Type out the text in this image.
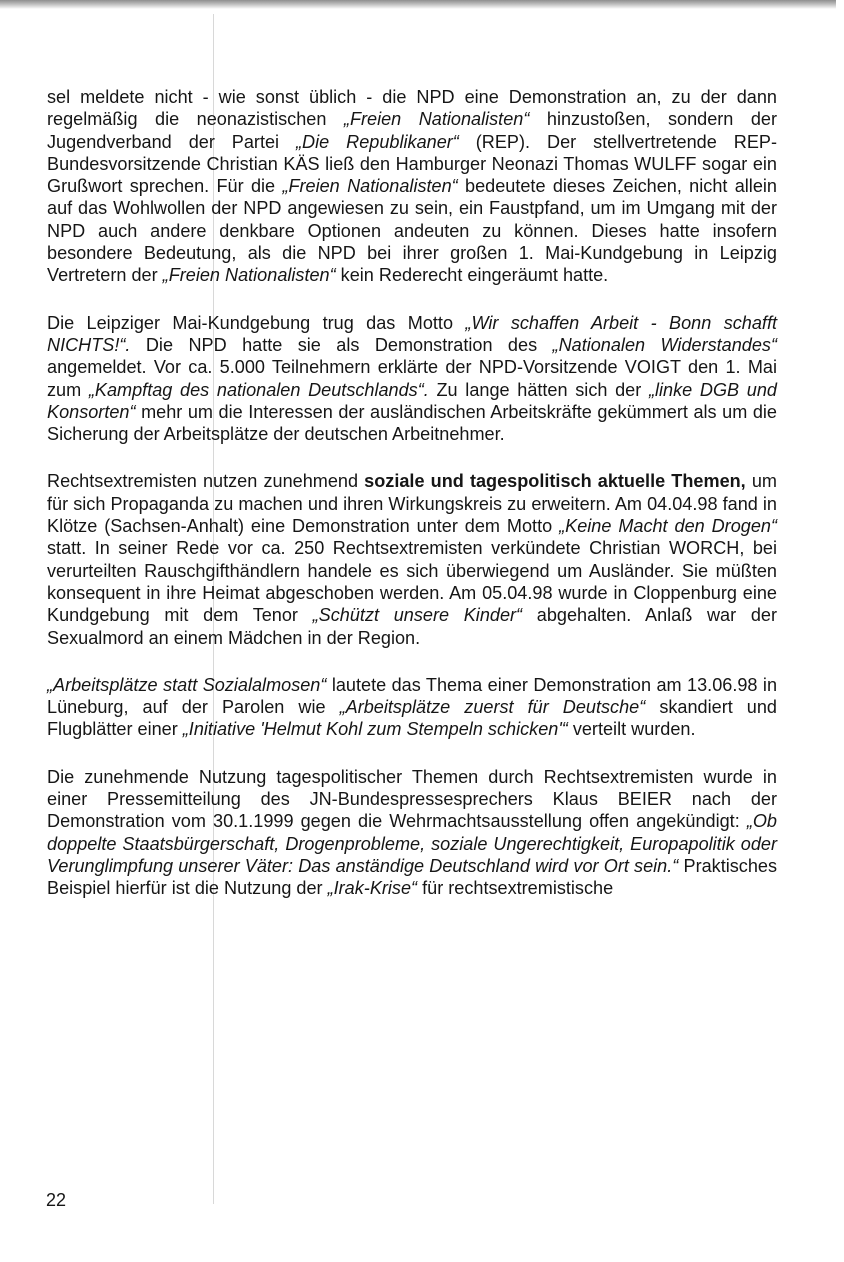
sel meldete nicht - wie sonst üblich - die NPD eine Demonstration an, zu der dann regelmäßig die neonazistischen „Freien Nationalisten“ hinzustoßen, sondern der Jugendverband der Partei „Die Republikaner“ (REP). Der stellvertretende REP-Bundesvorsitzende Christian KÄS ließ den Hamburger Neonazi Thomas WULFF sogar ein Grußwort sprechen. Für die „Freien Nationalisten“ bedeutete dieses Zeichen, nicht allein auf das Wohlwollen der NPD angewiesen zu sein, ein Faustpfand, um im Umgang mit der NPD auch andere denkbare Optionen andeuten zu können. Dieses hatte insofern besondere Bedeutung, als die NPD bei ihrer großen 1. Mai-Kundgebung in Leipzig Vertretern der „Freien Nationalisten“ kein Rederecht eingeräumt hatte.

Die Leipziger Mai-Kundgebung trug das Motto „Wir schaffen Arbeit - Bonn schafft NICHTS!“. Die NPD hatte sie als Demonstration des „Nationalen Widerstandes“ angemeldet. Vor ca. 5.000 Teilnehmern erklärte der NPD-Vorsitzende VOIGT den 1. Mai zum „Kampftag des nationalen Deutschlands“. Zu lange hätten sich der „linke DGB und Konsorten“ mehr um die Interessen der ausländischen Arbeitskräfte gekümmert als um die Sicherung der Arbeitsplätze der deutschen Arbeitnehmer.

Rechtsextremisten nutzen zunehmend soziale und tagespolitisch aktuelle Themen, um für sich Propaganda zu machen und ihren Wirkungskreis zu erweitern. Am 04.04.98 fand in Klötze (Sachsen-Anhalt) eine Demonstration unter dem Motto „Keine Macht den Drogen“ statt. In seiner Rede vor ca. 250 Rechtsextremisten verkündete Christian WORCH, bei verurteilten Rauschgifthändlern handele es sich überwiegend um Ausländer. Sie müßten konsequent in ihre Heimat abgeschoben werden. Am 05.04.98 wurde in Cloppenburg eine Kundgebung mit dem Tenor „Schützt unsere Kinder“ abgehalten. Anlaß war der Sexualmord an einem Mädchen in der Region.

„Arbeitsplätze statt Sozialalmosen“ lautete das Thema einer Demonstration am 13.06.98 in Lüneburg, auf der Parolen wie „Arbeitsplätze zuerst für Deutsche“ skandiert und Flugblätter einer „Initiative 'Helmut Kohl zum Stempeln schicken'“ verteilt wurden.

Die zunehmende Nutzung tagespolitischer Themen durch Rechtsextremisten wurde in einer Pressemitteilung des JN-Bundespressesprechers Klaus BEIER nach der Demonstration vom 30.1.1999 gegen die Wehrmachtsausstellung offen angekündigt: „Ob doppelte Staatsbürgerschaft, Drogenprobleme, soziale Ungerechtigkeit, Europapolitik oder Verunglimpfung unserer Väter: Das anständige Deutschland wird vor Ort sein.“ Praktisches Beispiel hierfür ist die Nutzung der „Irak-Krise“ für rechtsextremistische

22
